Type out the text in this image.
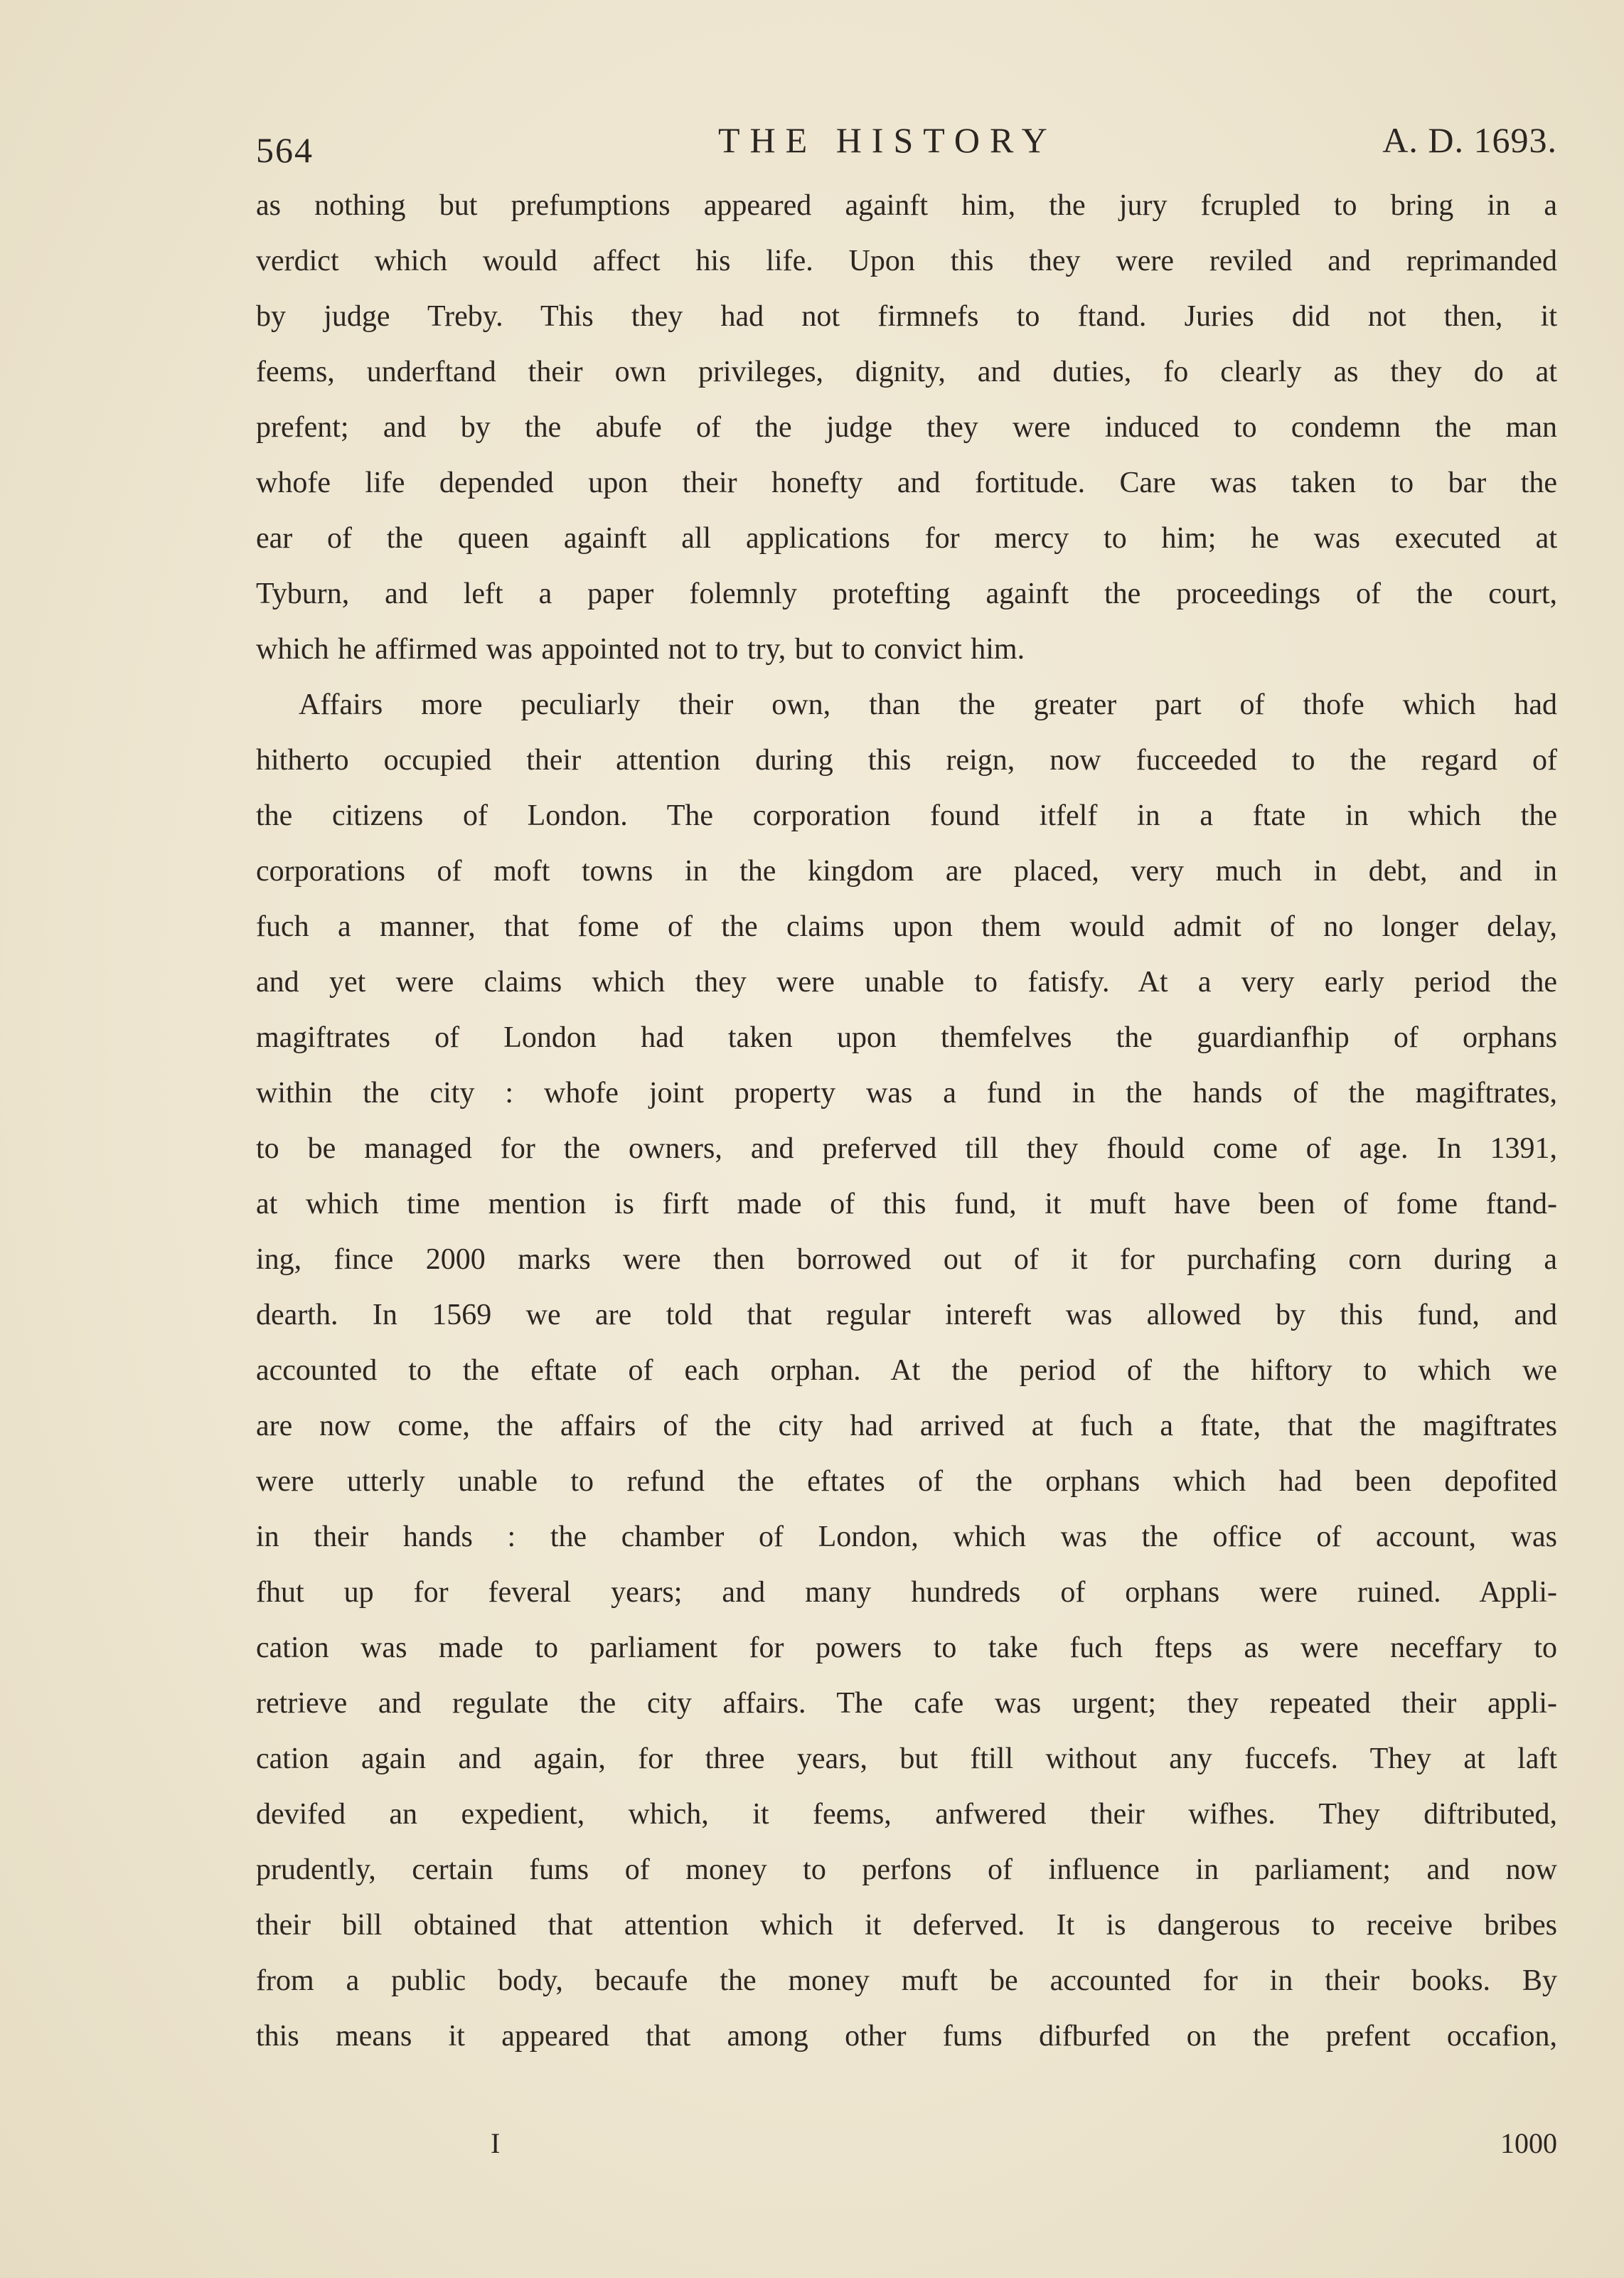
564	THE HISTORY	A. D. 1693.
as nothing but prefumptions appeared againft him, the jury fcrupled to bring in a
verdict which would affect his life. Upon this they were reviled and reprimanded
by judge Treby. This they had not firmnefs to ftand. Juries did not then, it
feems, underftand their own privileges, dignity, and duties, fo clearly as they do at
prefent; and by the abufe of the judge they were induced to condemn the man
whofe life depended upon their honefty and fortitude. Care was taken to bar the
ear of the queen againft all applications for mercy to him; he was executed at
Tyburn, and left a paper folemnly protefting againft the proceedings of the court,
which he affirmed was appointed not to try, but to convict him.
Affairs more peculiarly their own, than the greater part of thofe which had
hitherto occupied their attention during this reign, now fucceeded to the regard of
the citizens of London. The corporation found itfelf in a ftate in which the
corporations of moft towns in the kingdom are placed, very much in debt, and in
fuch a manner, that fome of the claims upon them would admit of no longer delay,
and yet were claims which they were unable to fatisfy. At a very early period the
magiftrates of London had taken upon themfelves the guardianfhip of orphans
within the city : whofe joint property was a fund in the hands of the magiftrates,
to be managed for the owners, and preferved till they fhould come of age. In 1391,
at which time mention is firft made of this fund, it muft have been of fome ftand-
ing, fince 2000 marks were then borrowed out of it for purchafing corn during a
dearth. In 1569 we are told that regular intereft was allowed by this fund, and
accounted to the eftate of each orphan. At the period of the hiftory to which we
are now come, the affairs of the city had arrived at fuch a ftate, that the magiftrates
were utterly unable to refund the eftates of the orphans which had been depofited
in their hands : the chamber of London, which was the office of account, was
fhut up for feveral years; and many hundreds of orphans were ruined. Appli-
cation was made to parliament for powers to take fuch fteps as were neceffary to
retrieve and regulate the city affairs. The cafe was urgent; they repeated their appli-
cation again and again, for three years, but ftill without any fuccefs. They at laft
devifed an expedient, which, it feems, anfwered their wifhes. They diftributed,
prudently, certain fums of money to perfons of influence in parliament; and now
their bill obtained that attention which it deferved. It is dangerous to receive bribes
from a public body, becaufe the money muft be accounted for in their books. By
this means it appeared that among other fums difburfed on the prefent occafion,
I	1000
